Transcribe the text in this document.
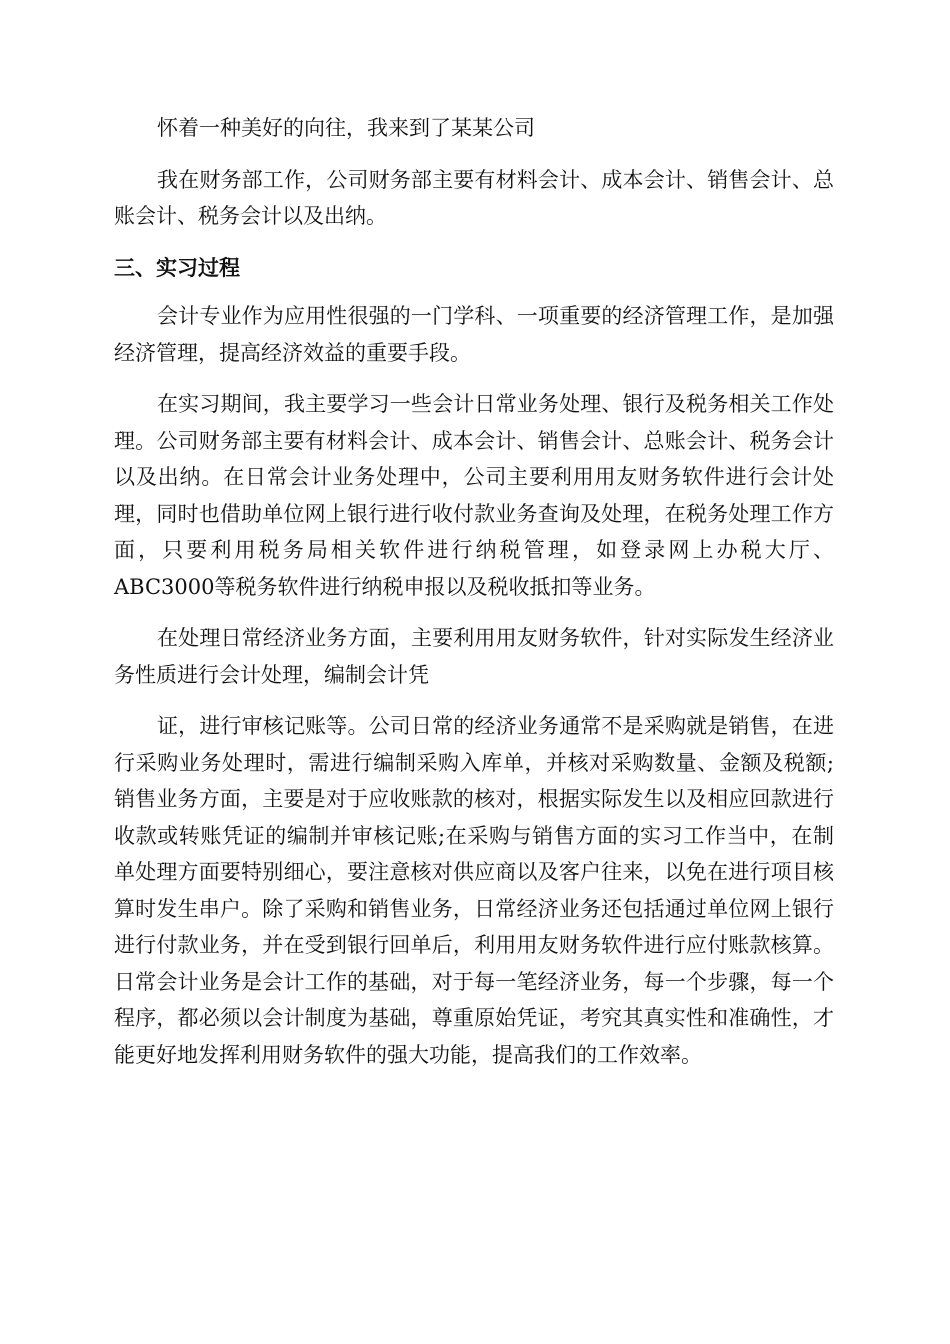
怀着一种美好的向往，我来到了某某公司

我在财务部工作，公司财务部主要有材料会计、成本会计、销售会计、总账会计、税务会计以及出纳。

三、实习过程

会计专业作为应用性很强的一门学科、一项重要的经济管理工作，是加强经济管理，提高经济效益的重要手段。

在实习期间，我主要学习一些会计日常业务处理、银行及税务相关工作处理。公司财务部主要有材料会计、成本会计、销售会计、总账会计、税务会计以及出纳。在日常会计业务处理中，公司主要利用用友财务软件进行会计处理，同时也借助单位网上银行进行收付款业务查询及处理，在税务处理工作方面，只要利用税务局相关软件进行纳税管理，如登录网上办税大厅、ABC3000等税务软件进行纳税申报以及税收抵扣等业务。

在处理日常经济业务方面，主要利用用友财务软件，针对实际发生经济业务性质进行会计处理，编制会计凭

证，进行审核记账等。公司日常的经济业务通常不是采购就是销售，在进行采购业务处理时，需进行编制采购入库单，并核对采购数量、金额及税额;销售业务方面，主要是对于应收账款的核对，根据实际发生以及相应回款进行收款或转账凭证的编制并审核记账;在采购与销售方面的实习工作当中，在制单处理方面要特别细心，要注意核对供应商以及客户往来，以免在进行项目核算时发生串户。除了采购和销售业务，日常经济业务还包括通过单位网上银行进行付款业务，并在受到银行回单后，利用用友财务软件进行应付账款核算。日常会计业务是会计工作的基础，对于每一笔经济业务，每一个步骤，每一个程序，都必须以会计制度为基础，尊重原始凭证，考究其真实性和准确性，才能更好地发挥利用财务软件的强大功能，提高我们的工作效率。
